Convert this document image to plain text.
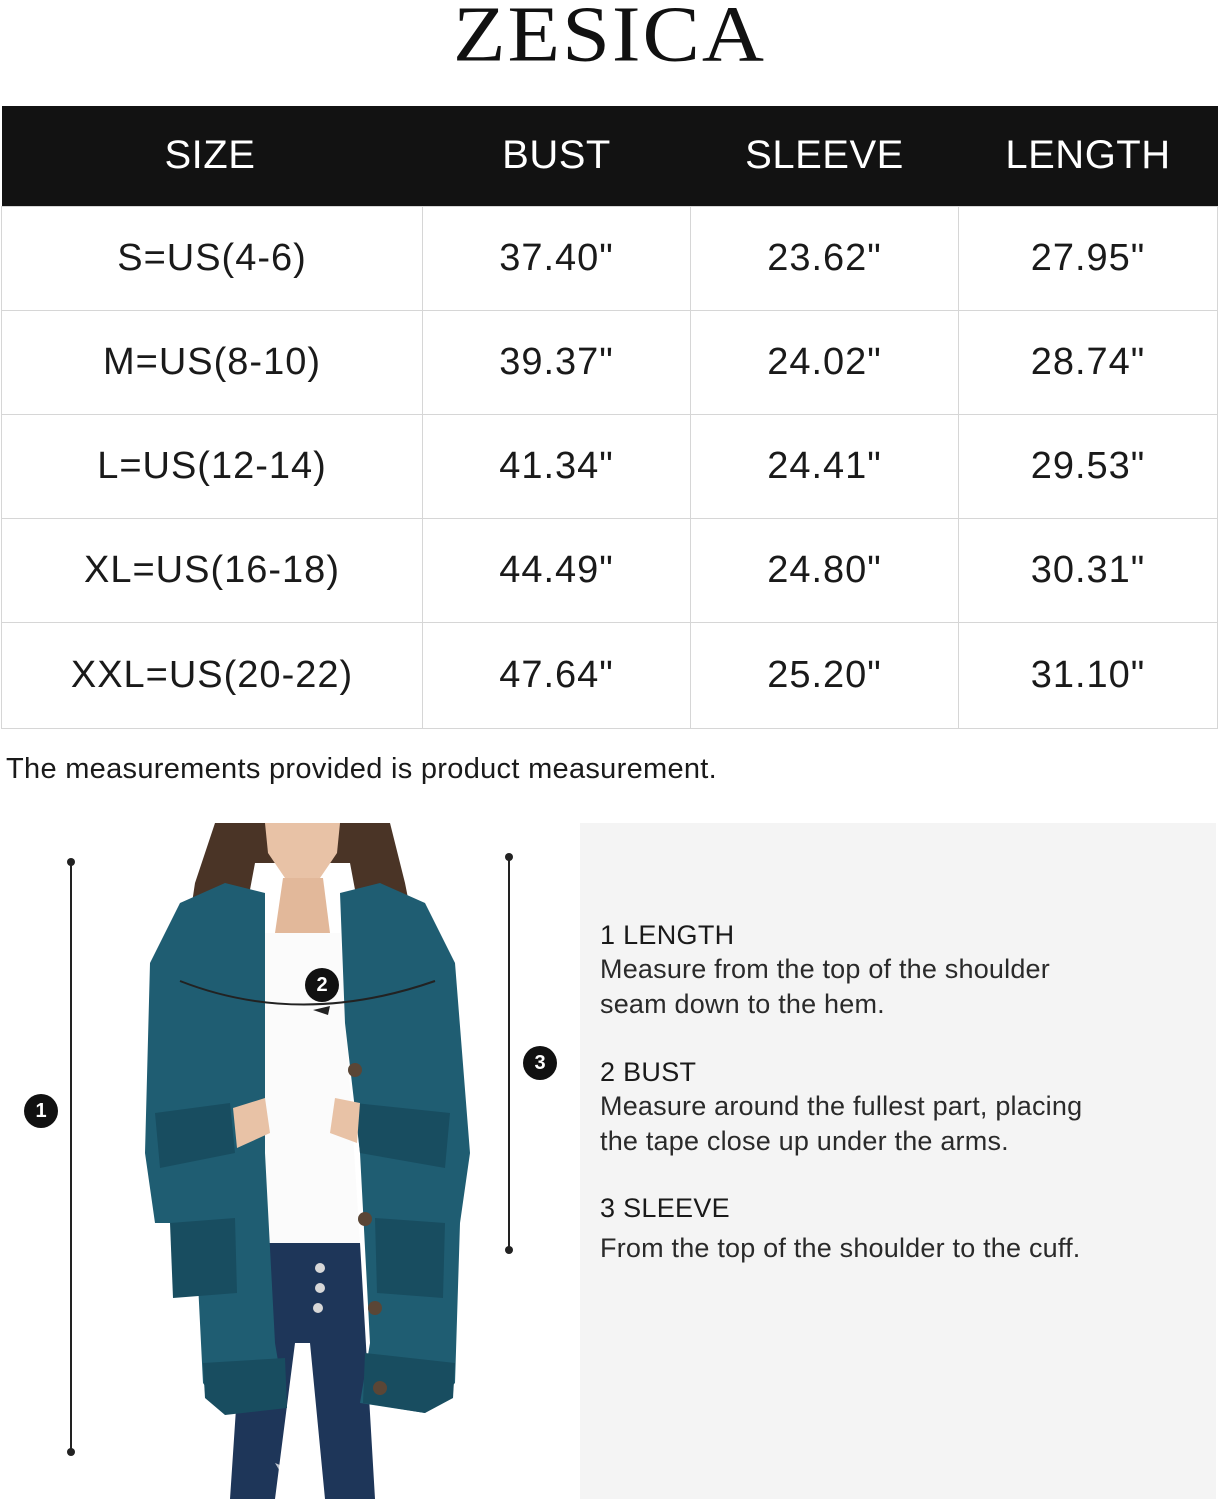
ZESICA
SIZE	BUST	SLEEVE	LENGTH
S=US(4-6)	37.40"	23.62"	27.95"
M=US(8-10)	39.37"	24.02"	28.74"
L=US(12-14)	41.34"	24.41"	29.53"
XL=US(16-18)	44.49"	24.80"	30.31"
XXL=US(20-22)	47.64"	25.20"	31.10"
The measurements provided is product measurement.
1
2
3
1 LENGTH
Measure from the top of the shoulder
seam down to the hem.
2 BUST
Measure around the fullest part, placing
the tape close up under the arms.
3 SLEEVE
From the top of the shoulder to the cuff.
